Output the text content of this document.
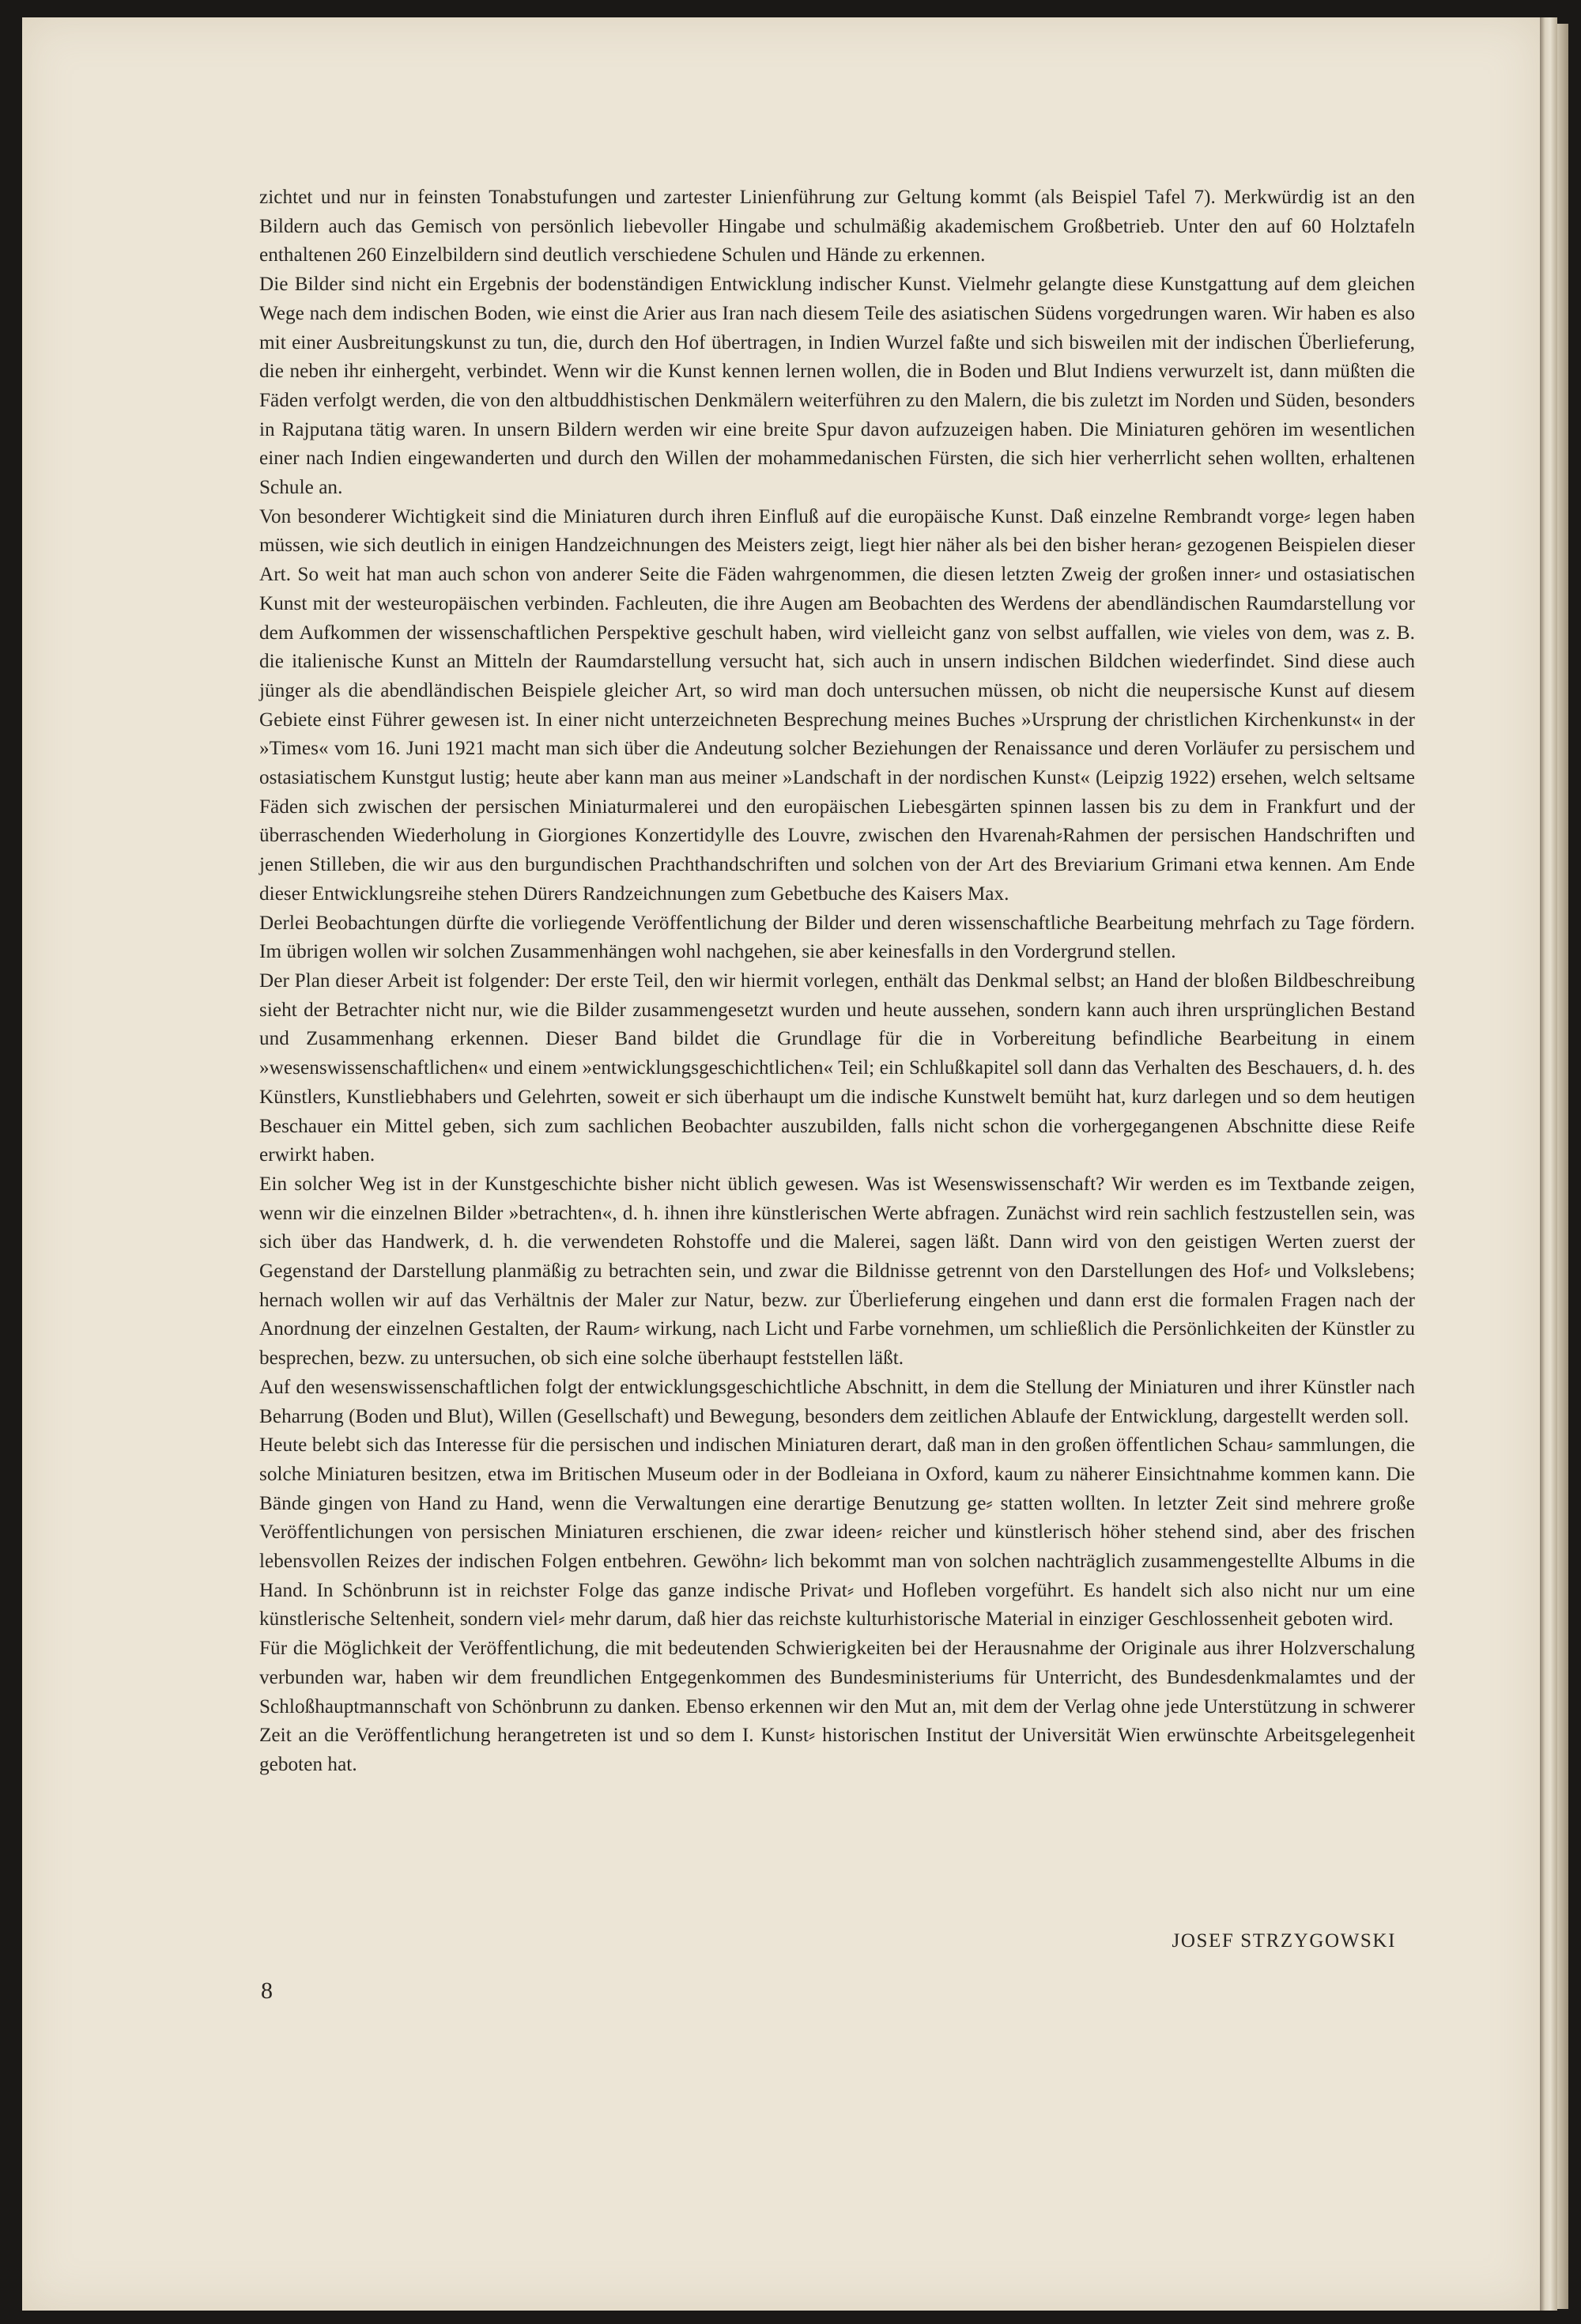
zichtet und nur in feinsten Tonabstufungen und zartester Linienführung zur Geltung kommt (als Beispiel Tafel 7). Merkwürdig ist an den Bildern auch das Gemisch von persönlich liebevoller Hingabe und schulmäßig akademischem Großbetrieb. Unter den auf 60 Holztafeln enthaltenen 260 Einzelbildern sind deutlich verschiedene Schulen und Hände zu erkennen.

Die Bilder sind nicht ein Ergebnis der bodenständigen Entwicklung indischer Kunst. Vielmehr gelangte diese Kunstgattung auf dem gleichen Wege nach dem indischen Boden, wie einst die Arier aus Iran nach diesem Teile des asiatischen Südens vorgedrungen waren. Wir haben es also mit einer Ausbreitungskunst zu tun, die, durch den Hof übertragen, in Indien Wurzel faßte und sich bisweilen mit der indischen Überlieferung, die neben ihr einhergeht, verbindet. Wenn wir die Kunst kennen lernen wollen, die in Boden und Blut Indiens verwurzelt ist, dann müßten die Fäden verfolgt werden, die von den altbuddhistischen Denkmälern weiterführen zu den Malern, die bis zuletzt im Norden und Süden, besonders in Rajputana tätig waren. In unsern Bildern werden wir eine breite Spur davon aufzuzeigen haben. Die Miniaturen gehören im wesentlichen einer nach Indien eingewanderten und durch den Willen der mohammedanischen Fürsten, die sich hier verherrlicht sehen wollten, erhaltenen Schule an.

Von besonderer Wichtigkeit sind die Miniaturen durch ihren Einfluß auf die europäische Kunst. Daß einzelne Rembrandt vorge⸗ legen haben müssen, wie sich deutlich in einigen Handzeichnungen des Meisters zeigt, liegt hier näher als bei den bisher heran⸗ gezogenen Beispielen dieser Art. So weit hat man auch schon von anderer Seite die Fäden wahrgenommen, die diesen letzten Zweig der großen inner⸗ und ostasiatischen Kunst mit der westeuropäischen verbinden. Fachleuten, die ihre Augen am Beobachten des Werdens der abendländischen Raumdarstellung vor dem Aufkommen der wissenschaftlichen Perspektive geschult haben, wird vielleicht ganz von selbst auffallen, wie vieles von dem, was z. B. die italienische Kunst an Mitteln der Raumdarstellung versucht hat, sich auch in unsern indischen Bildchen wiederfindet. Sind diese auch jünger als die abendländischen Beispiele gleicher Art, so wird man doch untersuchen müssen, ob nicht die neupersische Kunst auf diesem Gebiete einst Führer gewesen ist. In einer nicht unterzeichneten Besprechung meines Buches »Ursprung der christlichen Kirchenkunst« in der »Times« vom 16. Juni 1921 macht man sich über die Andeutung solcher Beziehungen der Renaissance und deren Vorläufer zu persischem und ostasiatischem Kunstgut lustig; heute aber kann man aus meiner »Landschaft in der nordischen Kunst« (Leipzig 1922) ersehen, welch seltsame Fäden sich zwischen der persischen Miniaturmalerei und den europäischen Liebesgärten spinnen lassen bis zu dem in Frankfurt und der überraschenden Wiederholung in Giorgiones Konzertidylle des Louvre, zwischen den Hvarenah⸗Rahmen der persischen Handschriften und jenen Stilleben, die wir aus den burgundischen Prachthandschriften und solchen von der Art des Breviarium Grimani etwa kennen. Am Ende dieser Entwicklungsreihe stehen Dürers Randzeichnungen zum Gebetbuche des Kaisers Max.

Derlei Beobachtungen dürfte die vorliegende Veröffentlichung der Bilder und deren wissenschaftliche Bearbeitung mehrfach zu Tage fördern. Im übrigen wollen wir solchen Zusammenhängen wohl nachgehen, sie aber keinesfalls in den Vordergrund stellen.

Der Plan dieser Arbeit ist folgender: Der erste Teil, den wir hiermit vorlegen, enthält das Denkmal selbst; an Hand der bloßen Bildbeschreibung sieht der Betrachter nicht nur, wie die Bilder zusammengesetzt wurden und heute aussehen, sondern kann auch ihren ursprünglichen Bestand und Zusammenhang erkennen. Dieser Band bildet die Grundlage für die in Vorbereitung befindliche Bearbeitung in einem »wesenswissenschaftlichen« und einem »entwicklungsgeschichtlichen« Teil; ein Schlußkapitel soll dann das Verhalten des Beschauers, d. h. des Künstlers, Kunstliebhabers und Gelehrten, soweit er sich überhaupt um die indische Kunstwelt bemüht hat, kurz darlegen und so dem heutigen Beschauer ein Mittel geben, sich zum sachlichen Beobachter auszubilden, falls nicht schon die vorhergegangenen Abschnitte diese Reife erwirkt haben.

Ein solcher Weg ist in der Kunstgeschichte bisher nicht üblich gewesen. Was ist Wesenswissenschaft? Wir werden es im Textbande zeigen, wenn wir die einzelnen Bilder »betrachten«, d. h. ihnen ihre künstlerischen Werte abfragen. Zunächst wird rein sachlich festzustellen sein, was sich über das Handwerk, d. h. die verwendeten Rohstoffe und die Malerei, sagen läßt. Dann wird von den geistigen Werten zuerst der Gegenstand der Darstellung planmäßig zu betrachten sein, und zwar die Bildnisse getrennt von den Darstellungen des Hof⸗ und Volkslebens; hernach wollen wir auf das Verhältnis der Maler zur Natur, bezw. zur Überlieferung eingehen und dann erst die formalen Fragen nach der Anordnung der einzelnen Gestalten, der Raum⸗ wirkung, nach Licht und Farbe vornehmen, um schließlich die Persönlichkeiten der Künstler zu besprechen, bezw. zu untersuchen, ob sich eine solche überhaupt feststellen läßt.

Auf den wesenswissenschaftlichen folgt der entwicklungsgeschichtliche Abschnitt, in dem die Stellung der Miniaturen und ihrer Künstler nach Beharrung (Boden und Blut), Willen (Gesellschaft) und Bewegung, besonders dem zeitlichen Ablaufe der Entwicklung, dargestellt werden soll.

Heute belebt sich das Interesse für die persischen und indischen Miniaturen derart, daß man in den großen öffentlichen Schau⸗ sammlungen, die solche Miniaturen besitzen, etwa im Britischen Museum oder in der Bodleiana in Oxford, kaum zu näherer Einsichtnahme kommen kann. Die Bände gingen von Hand zu Hand, wenn die Verwaltungen eine derartige Benutzung ge⸗ statten wollten. In letzter Zeit sind mehrere große Veröffentlichungen von persischen Miniaturen erschienen, die zwar ideen⸗ reicher und künstlerisch höher stehend sind, aber des frischen lebensvollen Reizes der indischen Folgen entbehren. Gewöhn⸗ lich bekommt man von solchen nachträglich zusammengestellte Albums in die Hand. In Schönbrunn ist in reichster Folge das ganze indische Privat⸗ und Hofleben vorgeführt. Es handelt sich also nicht nur um eine künstlerische Seltenheit, sondern viel⸗ mehr darum, daß hier das reichste kulturhistorische Material in einziger Geschlossenheit geboten wird.

Für die Möglichkeit der Veröffentlichung, die mit bedeutenden Schwierigkeiten bei der Herausnahme der Originale aus ihrer Holzverschalung verbunden war, haben wir dem freundlichen Entgegenkommen des Bundesministeriums für Unterricht, des Bundesdenkmalamtes und der Schloßhauptmannschaft von Schönbrunn zu danken. Ebenso erkennen wir den Mut an, mit dem der Verlag ohne jede Unterstützung in schwerer Zeit an die Veröffentlichung herangetreten ist und so dem I. Kunst⸗ historischen Institut der Universität Wien erwünschte Arbeitsgelegenheit geboten hat.

JOSEF STRZYGOWSKI
8
